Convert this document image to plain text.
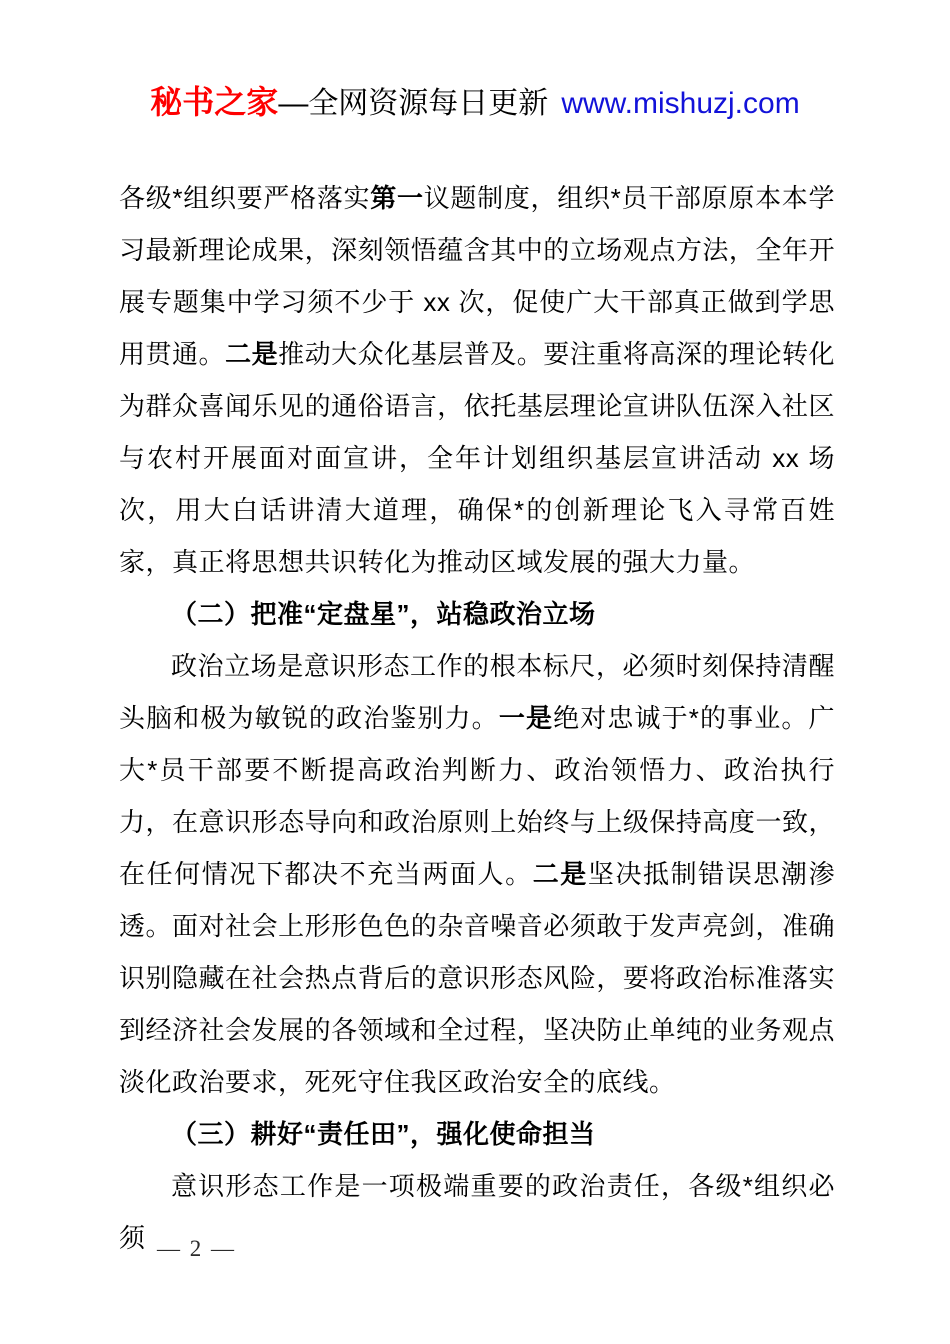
秘书之家—全网资源每日更新 www.mishuzj.com

各级*组织要严格落实第一议题制度，组织*员干部原原本本学习最新理论成果，深刻领悟蕴含其中的立场观点方法，全年开展专题集中学习须不少于 xx 次，促使广大干部真正做到学思用贯通。二是推动大众化基层普及。要注重将高深的理论转化为群众喜闻乐见的通俗语言，依托基层理论宣讲队伍深入社区与农村开展面对面宣讲，全年计划组织基层宣讲活动 xx 场次，用大白话讲清大道理，确保*的创新理论飞入寻常百姓家，真正将思想共识转化为推动区域发展的强大力量。

（二）把准“定盘星”，站稳政治立场

政治立场是意识形态工作的根本标尺，必须时刻保持清醒头脑和极为敏锐的政治鉴别力。一是绝对忠诚于*的事业。广大*员干部要不断提高政治判断力、政治领悟力、政治执行力，在意识形态导向和政治原则上始终与上级保持高度一致，在任何情况下都决不充当两面人。二是坚决抵制错误思潮渗透。面对社会上形形色色的杂音噪音必须敢于发声亮剑，准确识别隐藏在社会热点背后的意识形态风险，要将政治标准落实到经济社会发展的各领域和全过程，坚决防止单纯的业务观点淡化政治要求，死死守住我区政治安全的底线。

（三）耕好“责任田”，强化使命担当

意识形态工作是一项极端重要的政治责任，各级*组织必须 — 2 —
